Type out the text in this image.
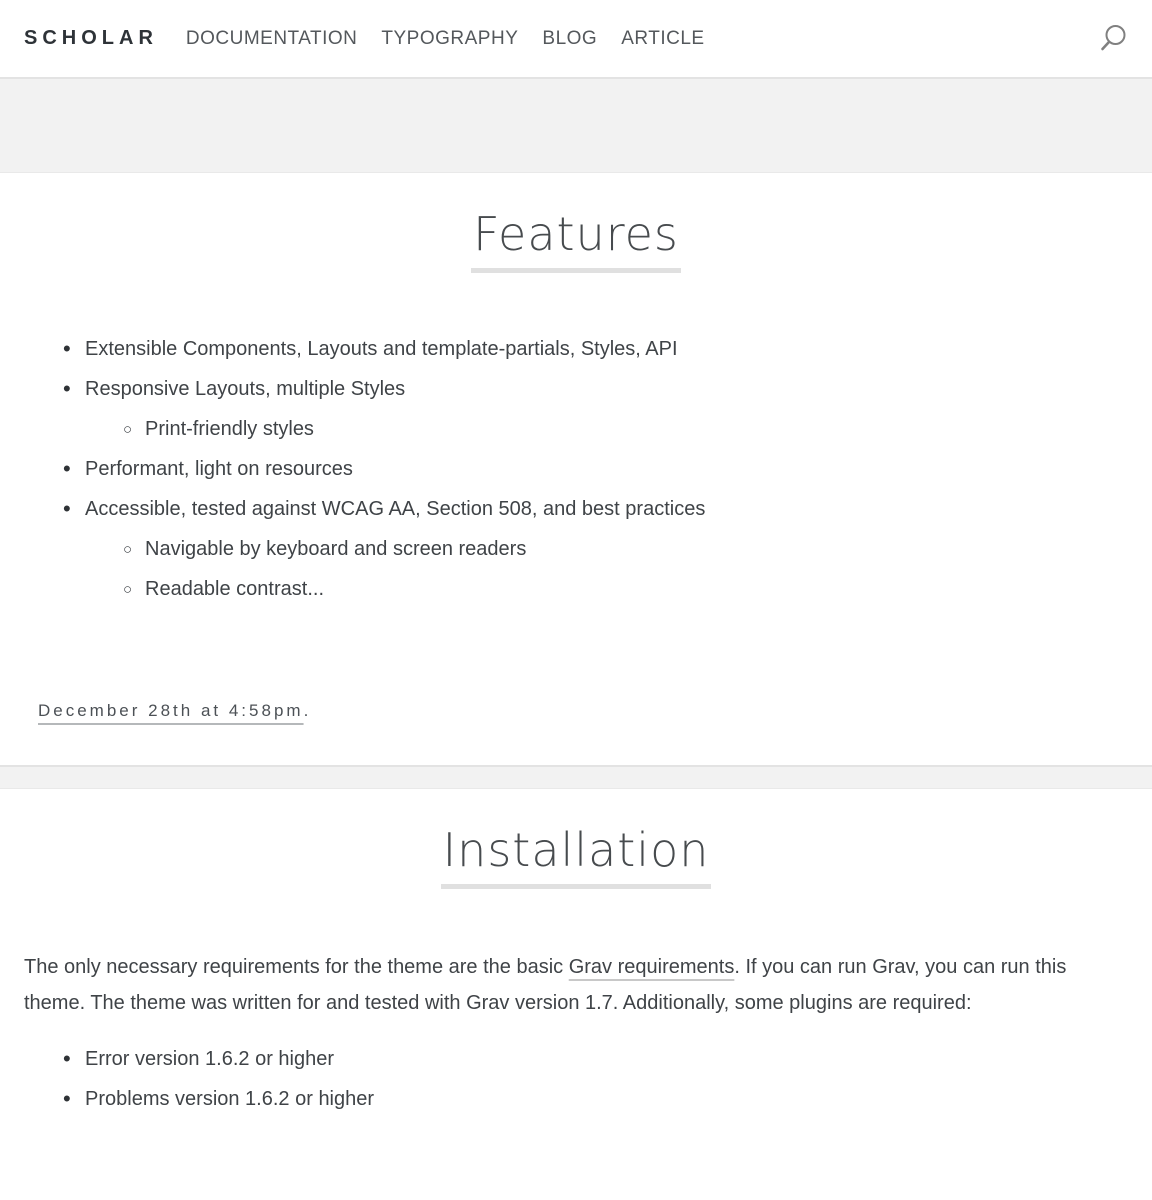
SCHOLAR DOCUMENTATION TYPOGRAPHY BLOG ARTICLE
Features
• Extensible Components, Layouts and template-partials, Styles, API
• Responsive Layouts, multiple Styles
○ Print-friendly styles
• Performant, light on resources
• Accessible, tested against WCAG AA, Section 508, and best practices
○ Navigable by keyboard and screen readers
○ Readable contrast...
December 28th at 4:58pm.
Installation

The only necessary requirements for the theme are the basic Grav requirements. If you can run Grav, you can run this theme. The theme was written for and tested with Grav version 1.7. Additionally, some plugins are required:

• Error version 1.6.2 or higher
• Problems version 1.6.2 or higher
